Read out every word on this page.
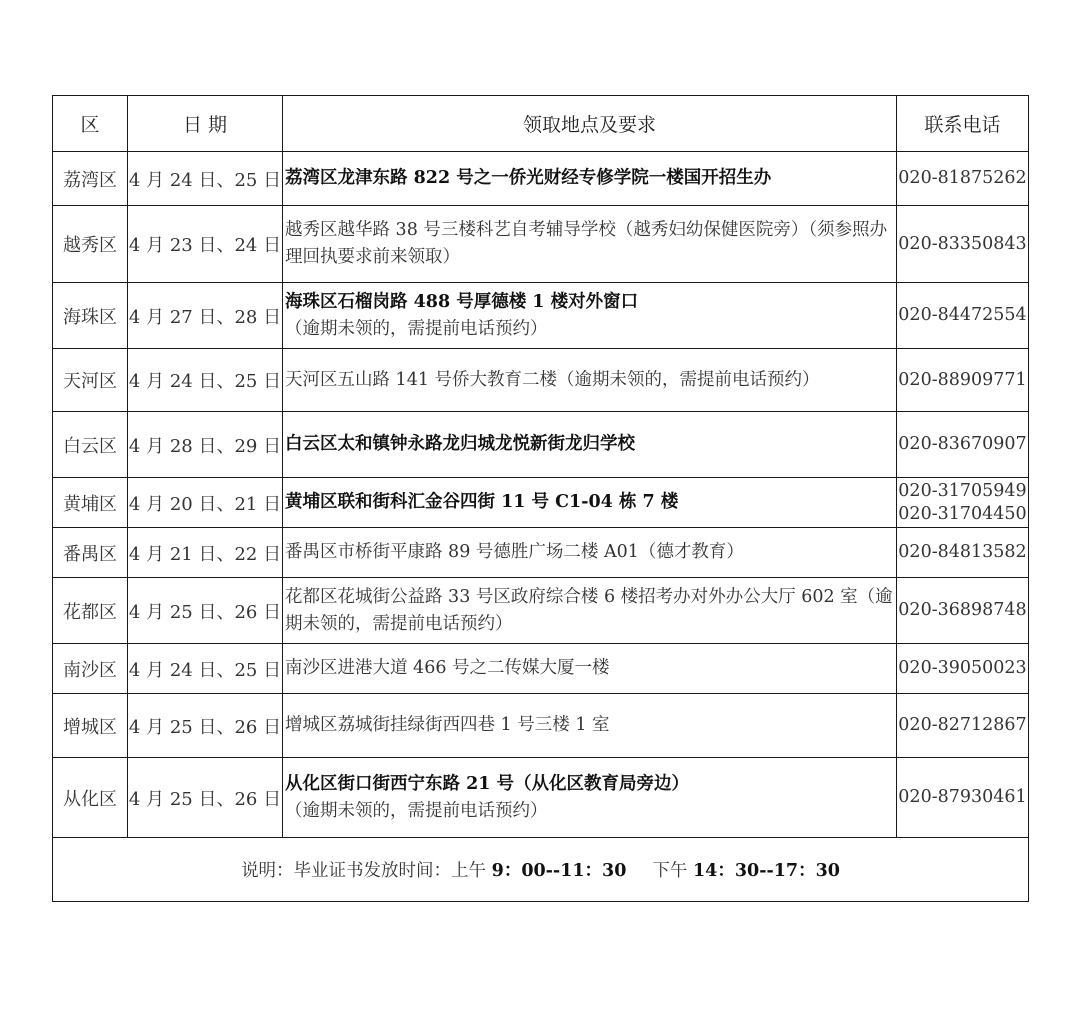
区	日 期	领取地点及要求	联系电话
荔湾区	4 月 24 日、25 日	荔湾区龙津东路 822 号之一侨光财经专修学院一楼国开招生办	020-81875262

越秀区	4 月 23 日、24 日	越秀区越华路 38 号三楼科艺自考辅导学校（越秀妇幼保健医院旁）（须参照办理回执要求前来领取）	020-83350843

海珠区	4 月 27 日、28 日	海珠区石榴岗路 488 号厚德楼 1 楼对外窗口（逾期未领的，需提前电话预约）	020-84472554

天河区	4 月 24 日、25 日	天河区五山路 141 号侨大教育二楼（逾期未领的，需提前电话预约）	020-88909771

白云区	4 月 28 日、29 日	白云区太和镇钟永路龙归城龙悦新街龙归学校	020-83670907

黄埔区	4 月 20 日、21 日	黄埔区联和街科汇金谷四街 11 号 C1-04 栋 7 楼	020-31705949
020-31704450

番禺区	4 月 21 日、22 日	番禺区市桥街平康路 89 号德胜广场二楼 A01（德才教育）	020-84813582

花都区	4 月 25 日、26 日	花都区花城街公益路 33 号区政府综合楼 6 楼招考办对外办公大厅 602 室（逾期未领的，需提前电话预约）	020-36898748

南沙区	4 月 24 日、25 日	南沙区进港大道 466 号之二传媒大厦一楼	020-39050023

增城区	4 月 25 日、26 日	增城区荔城街挂绿街西四巷 1 号三楼 1 室	020-82712867

从化区	4 月 25 日、26 日	从化区街口街西宁东路 21 号（从化区教育局旁边）
（逾期未领的，需提前电话预约）	020-87930461

说明：毕业证书发放时间：上午 9：00--11：30 下午 14：30--17：30			
